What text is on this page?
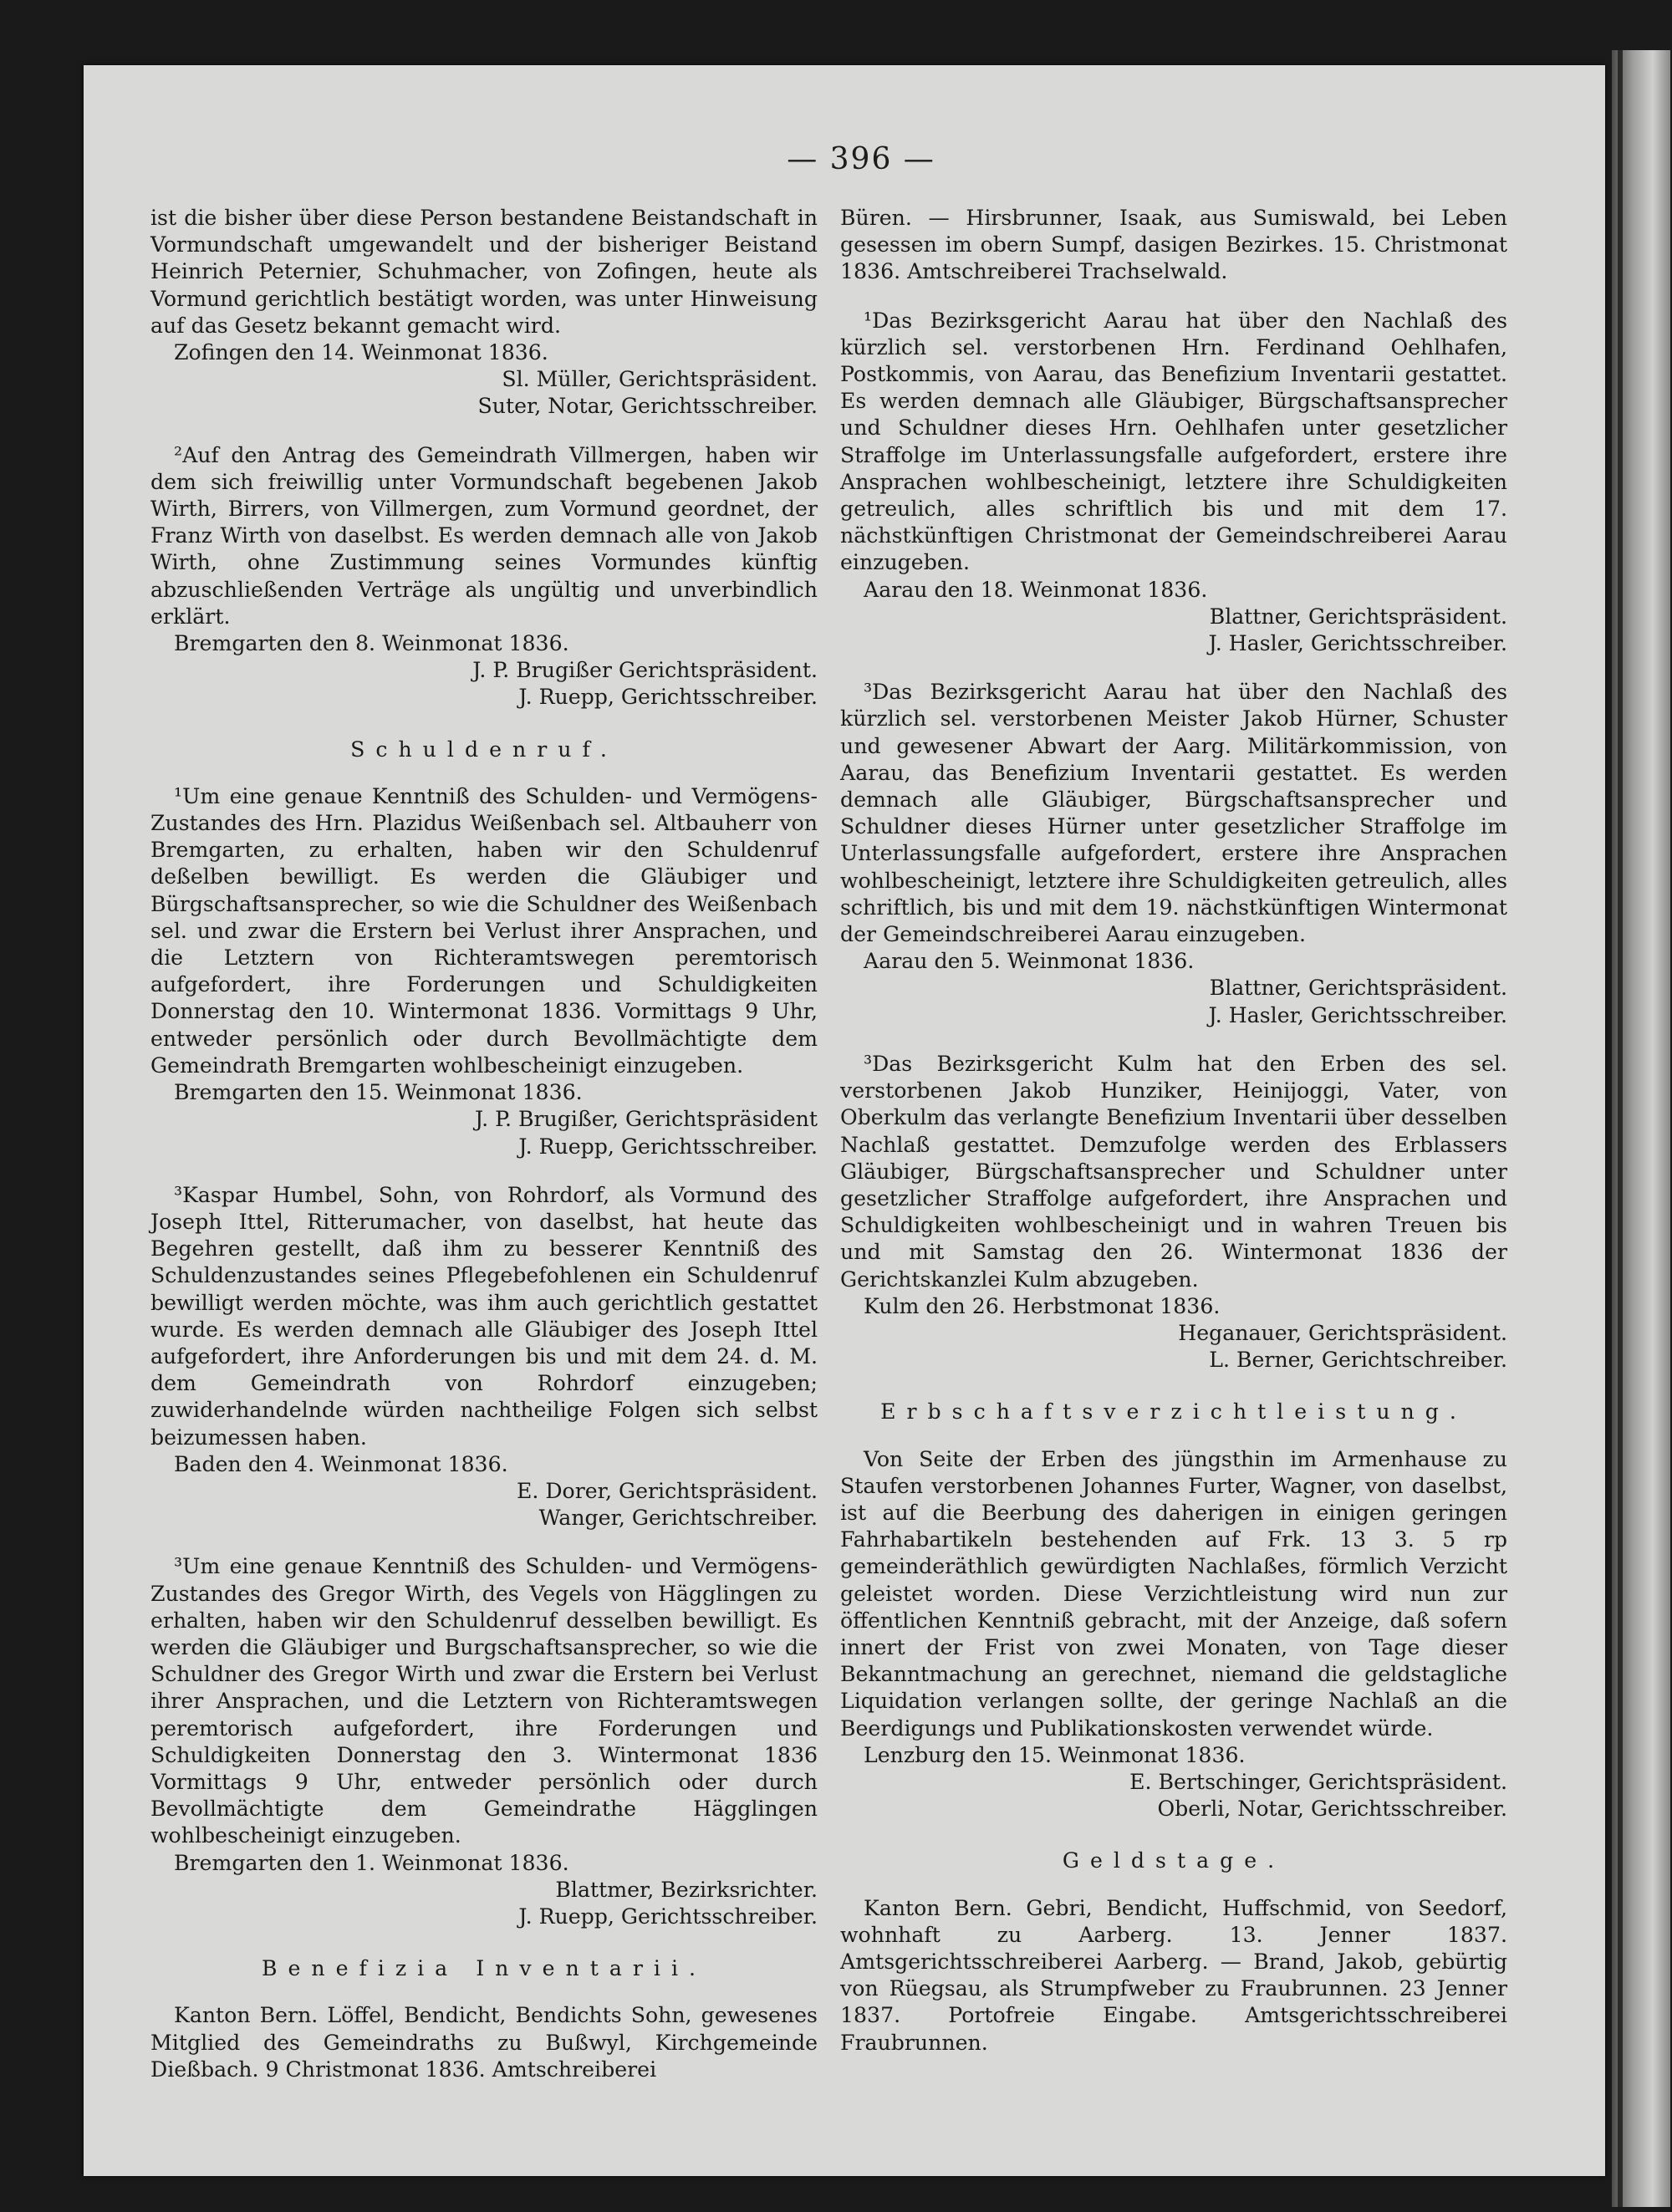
— 396 —
ist die bisher über diese Person bestandene Beistandschaft in Vormundschaft umgewandelt und der bisheriger Beistand Heinrich Peternier, Schuhmacher, von Zofingen, heute als Vormund gerichtlich bestätigt worden, was unter Hinweisung auf das Gesetz bekannt gemacht wird.
Zofingen den 14. Weinmonat 1836.
Sl. Müller, Gerichtspräsident.
Suter, Notar, Gerichtsschreiber.
²Auf den Antrag des Gemeindrath Villmergen, haben wir dem sich freiwillig unter Vormundschaft begebenen Jakob Wirth, Birrers, von Villmergen, zum Vormund geordnet, der Franz Wirth von daselbst. Es werden demnach alle von Jakob Wirth, ohne Zustimmung seines Vormundes künftig abzuschließenden Verträge als ungültig und unverbindlich erklärt.
Bremgarten den 8. Weinmonat 1836.
J. P. Brugißer Gerichtspräsident.
J. Ruepp, Gerichtsschreiber.
Schuldenruf.
¹Um eine genaue Kenntniß des Schulden- und Vermögens-Zustandes des Hrn. Plazidus Weißenbach sel. Altbauherr von Bremgarten, zu erhalten, haben wir den Schuldenruf deßelben bewilligt. Es werden die Gläubiger und Bürgschaftsansprecher, so wie die Schuldner des Weißenbach sel. und zwar die Erstern bei Verlust ihrer Ansprachen, und die Letztern von Richteramtswegen peremtorisch aufgefordert, ihre Forderungen und Schuldigkeiten Donnerstag den 10. Wintermonat 1836. Vormittags 9 Uhr, entweder persönlich oder durch Bevollmächtigte dem Gemeindrath Bremgarten wohlbescheinigt einzugeben.
Bremgarten den 15. Weinmonat 1836.
J. P. Brugißer, Gerichtspräsident
J. Ruepp, Gerichtsschreiber.
³Kaspar Humbel, Sohn, von Rohrdorf, als Vormund des Joseph Ittel, Ritterumacher, von daselbst, hat heute das Begehren gestellt, daß ihm zu besserer Kenntniß des Schuldenzustandes seines Pflegebefohlenen ein Schuldenruf bewilligt werden möchte, was ihm auch gerichtlich gestattet wurde. Es werden demnach alle Gläubiger des Joseph Ittel aufgefordert, ihre Anforderungen bis und mit dem 24. d. M. dem Gemeindrath von Rohrdorf einzugeben; zuwiderhandelnde würden nachtheilige Folgen sich selbst beizumessen haben.
Baden den 4. Weinmonat 1836.
E. Dorer, Gerichtspräsident.
Wanger, Gerichtschreiber.
³Um eine genaue Kenntniß des Schulden- und Vermögens-Zustandes des Gregor Wirth, des Vegels von Hägglingen zu erhalten, haben wir den Schuldenruf desselben bewilligt. Es werden die Gläubiger und Burgschaftsansprecher, so wie die Schuldner des Gregor Wirth und zwar die Erstern bei Verlust ihrer Ansprachen, und die Letztern von Richteramtswegen peremtorisch aufgefordert, ihre Forderungen und Schuldigkeiten Donnerstag den 3. Wintermonat 1836 Vormittags 9 Uhr, entweder persönlich oder durch Bevollmächtigte dem Gemeindrathe Hägglingen wohlbescheinigt einzugeben.
Bremgarten den 1. Weinmonat 1836.
Blattmer, Bezirksrichter.
J. Ruepp, Gerichtsschreiber.
Benefizia Inventarii.
Kanton Bern. Löffel, Bendicht, Bendichts Sohn, gewesenes Mitglied des Gemeindraths zu Bußwyl, Kirchgemeinde Dießbach. 9 Christmonat 1836. Amtschreiberei
Büren. — Hirsbrunner, Isaak, aus Sumiswald, bei Leben gesessen im obern Sumpf, dasigen Bezirkes. 15. Christmonat 1836. Amtschreiberei Trachselwald.
¹Das Bezirksgericht Aarau hat über den Nachlaß des kürzlich sel. verstorbenen Hrn. Ferdinand Oehlhafen, Postkommis, von Aarau, das Benefizium Inventarii gestattet. Es werden demnach alle Gläubiger, Bürgschaftsansprecher und Schuldner dieses Hrn. Oehlhafen unter gesetzlicher Straffolge im Unterlassungsfalle aufgefordert, erstere ihre Ansprachen wohlbescheinigt, letztere ihre Schuldigkeiten getreulich, alles schriftlich bis und mit dem 17. nächstkünftigen Christmonat der Gemeindschreiberei Aarau einzugeben.
Aarau den 18. Weinmonat 1836.
Blattner, Gerichtspräsident.
J. Hasler, Gerichtsschreiber.
³Das Bezirksgericht Aarau hat über den Nachlaß des kürzlich sel. verstorbenen Meister Jakob Hürner, Schuster und gewesener Abwart der Aarg. Militärkommission, von Aarau, das Benefizium Inventarii gestattet. Es werden demnach alle Gläubiger, Bürgschaftsansprecher und Schuldner dieses Hürner unter gesetzlicher Straffolge im Unterlassungsfalle aufgefordert, erstere ihre Ansprachen wohlbescheinigt, letztere ihre Schuldigkeiten getreulich, alles schriftlich, bis und mit dem 19. nächstkünftigen Wintermonat der Gemeindschreiberei Aarau einzugeben.
Aarau den 5. Weinmonat 1836.
Blattner, Gerichtspräsident.
J. Hasler, Gerichtsschreiber.
³Das Bezirksgericht Kulm hat den Erben des sel. verstorbenen Jakob Hunziker, Heinijoggi, Vater, von Oberkulm das verlangte Benefizium Inventarii über desselben Nachlaß gestattet. Demzufolge werden des Erblassers Gläubiger, Bürgschaftsansprecher und Schuldner unter gesetzlicher Straffolge aufgefordert, ihre Ansprachen und Schuldigkeiten wohlbescheinigt und in wahren Treuen bis und mit Samstag den 26. Wintermonat 1836 der Gerichtskanzlei Kulm abzugeben.
Kulm den 26. Herbstmonat 1836.
Heganauer, Gerichtspräsident.
L. Berner, Gerichtschreiber.
Erbschaftsverzichtleistung.
Von Seite der Erben des jüngsthin im Armenhause zu Staufen verstorbenen Johannes Furter, Wagner, von daselbst, ist auf die Beerbung des daherigen in einigen geringen Fahrhabartikeln bestehenden auf Frk. 13 3. 5 rp gemeinderäthlich gewürdigten Nachlaßes, förmlich Verzicht geleistet worden. Diese Verzichtleistung wird nun zur öffentlichen Kenntniß gebracht, mit der Anzeige, daß sofern innert der Frist von zwei Monaten, von Tage dieser Bekanntmachung an gerechnet, niemand die geldstagliche Liquidation verlangen sollte, der geringe Nachlaß an die Beerdigungs und Publikationskosten verwendet würde.
Lenzburg den 15. Weinmonat 1836.
E. Bertschinger, Gerichtspräsident.
Oberli, Notar, Gerichtsschreiber.
Geldstage.
Kanton Bern. Gebri, Bendicht, Huffschmid, von Seedorf, wohnhaft zu Aarberg. 13. Jenner 1837. Amtsgerichtsschreiberei Aarberg. — Brand, Jakob, gebürtig von Rüegsau, als Strumpfweber zu Fraubrunnen. 23 Jenner 1837. Portofreie Eingabe. Amtsgerichtsschreiberei Fraubrunnen.
